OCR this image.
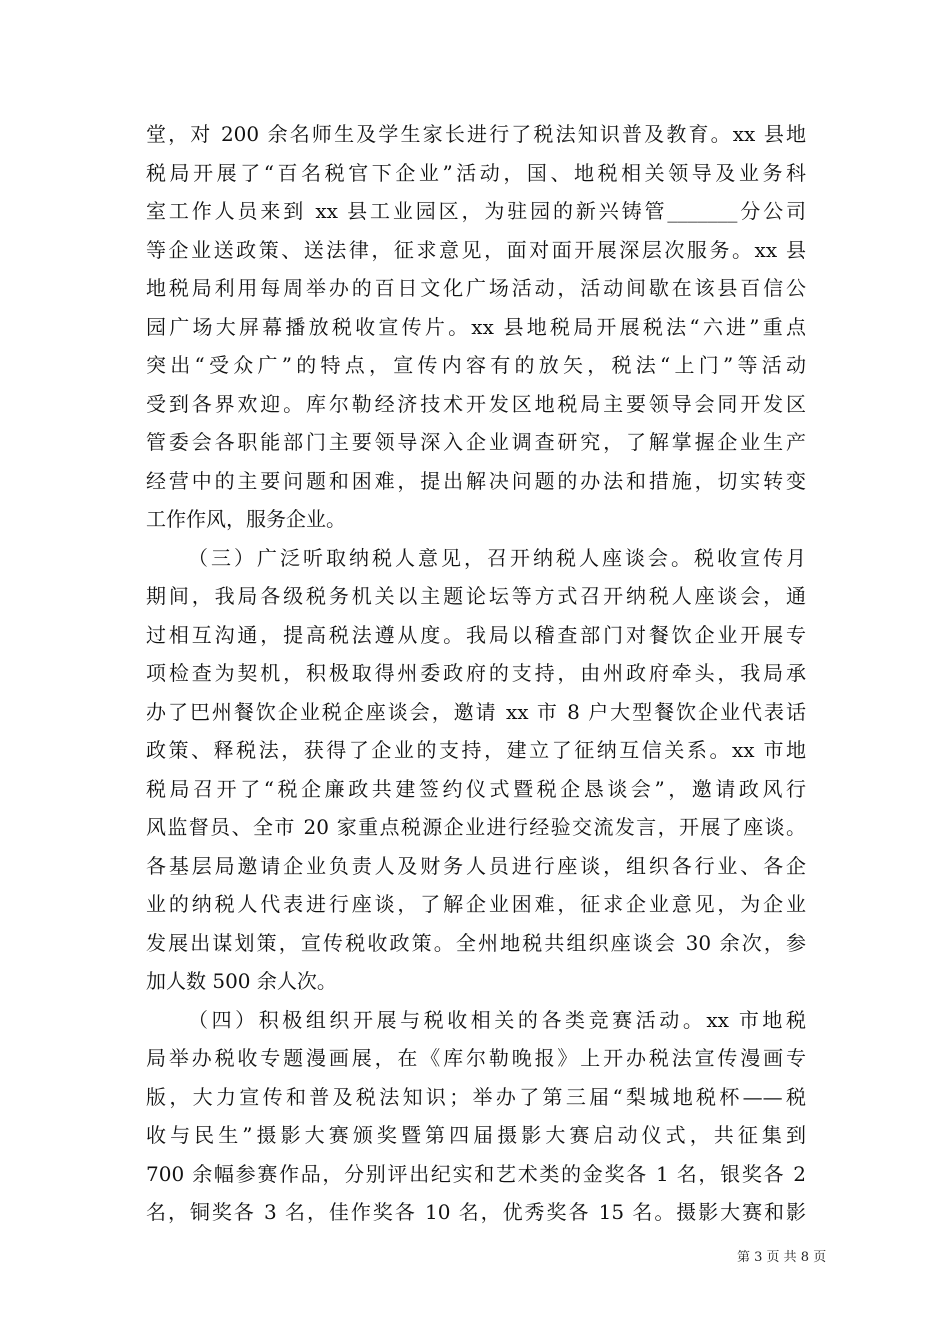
堂，对 200 余名师生及学生家长进行了税法知识普及教育。xx 县地
税局开展了“百名税官下企业”活动，国、地税相关领导及业务科
室工作人员来到 xx 县工业园区，为驻园的新兴铸管_______分公司
等企业送政策、送法律，征求意见，面对面开展深层次服务。xx 县
地税局利用每周举办的百日文化广场活动，活动间歇在该县百信公
园广场大屏幕播放税收宣传片。xx 县地税局开展税法“六进”重点
突出“受众广”的特点，宣传内容有的放矢，税法“上门”等活动
受到各界欢迎。库尔勒经济技术开发区地税局主要领导会同开发区
管委会各职能部门主要领导深入企业调查研究，了解掌握企业生产
经营中的主要问题和困难，提出解决问题的办法和措施，切实转变
工作作风，服务企业。
（三）广泛听取纳税人意见，召开纳税人座谈会。税收宣传月
期间，我局各级税务机关以主题论坛等方式召开纳税人座谈会，通
过相互沟通，提高税法遵从度。我局以稽查部门对餐饮企业开展专
项检查为契机，积极取得州委政府的支持，由州政府牵头，我局承
办了巴州餐饮企业税企座谈会，邀请 xx 市 8 户大型餐饮企业代表话
政策、释税法，获得了企业的支持，建立了征纳互信关系。xx 市地
税局召开了“税企廉政共建签约仪式暨税企恳谈会”，邀请政风行
风监督员、全市 20 家重点税源企业进行经验交流发言，开展了座谈。
各基层局邀请企业负责人及财务人员进行座谈，组织各行业、各企
业的纳税人代表进行座谈，了解企业困难，征求企业意见，为企业
发展出谋划策，宣传税收政策。全州地税共组织座谈会 30 余次，参
加人数 500 余人次。
（四）积极组织开展与税收相关的各类竞赛活动。xx 市地税
局举办税收专题漫画展，在《库尔勒晚报》上开办税法宣传漫画专
版，大力宣传和普及税法知识；举办了第三届“梨城地税杯——税
收与民生”摄影大赛颁奖暨第四届摄影大赛启动仪式，共征集到
700 余幅参赛作品，分别评出纪实和艺术类的金奖各 1 名，银奖各 2
名，铜奖各 3 名，佳作奖各 10 名，优秀奖各 15 名。摄影大赛和影
第 3 页 共 8 页
